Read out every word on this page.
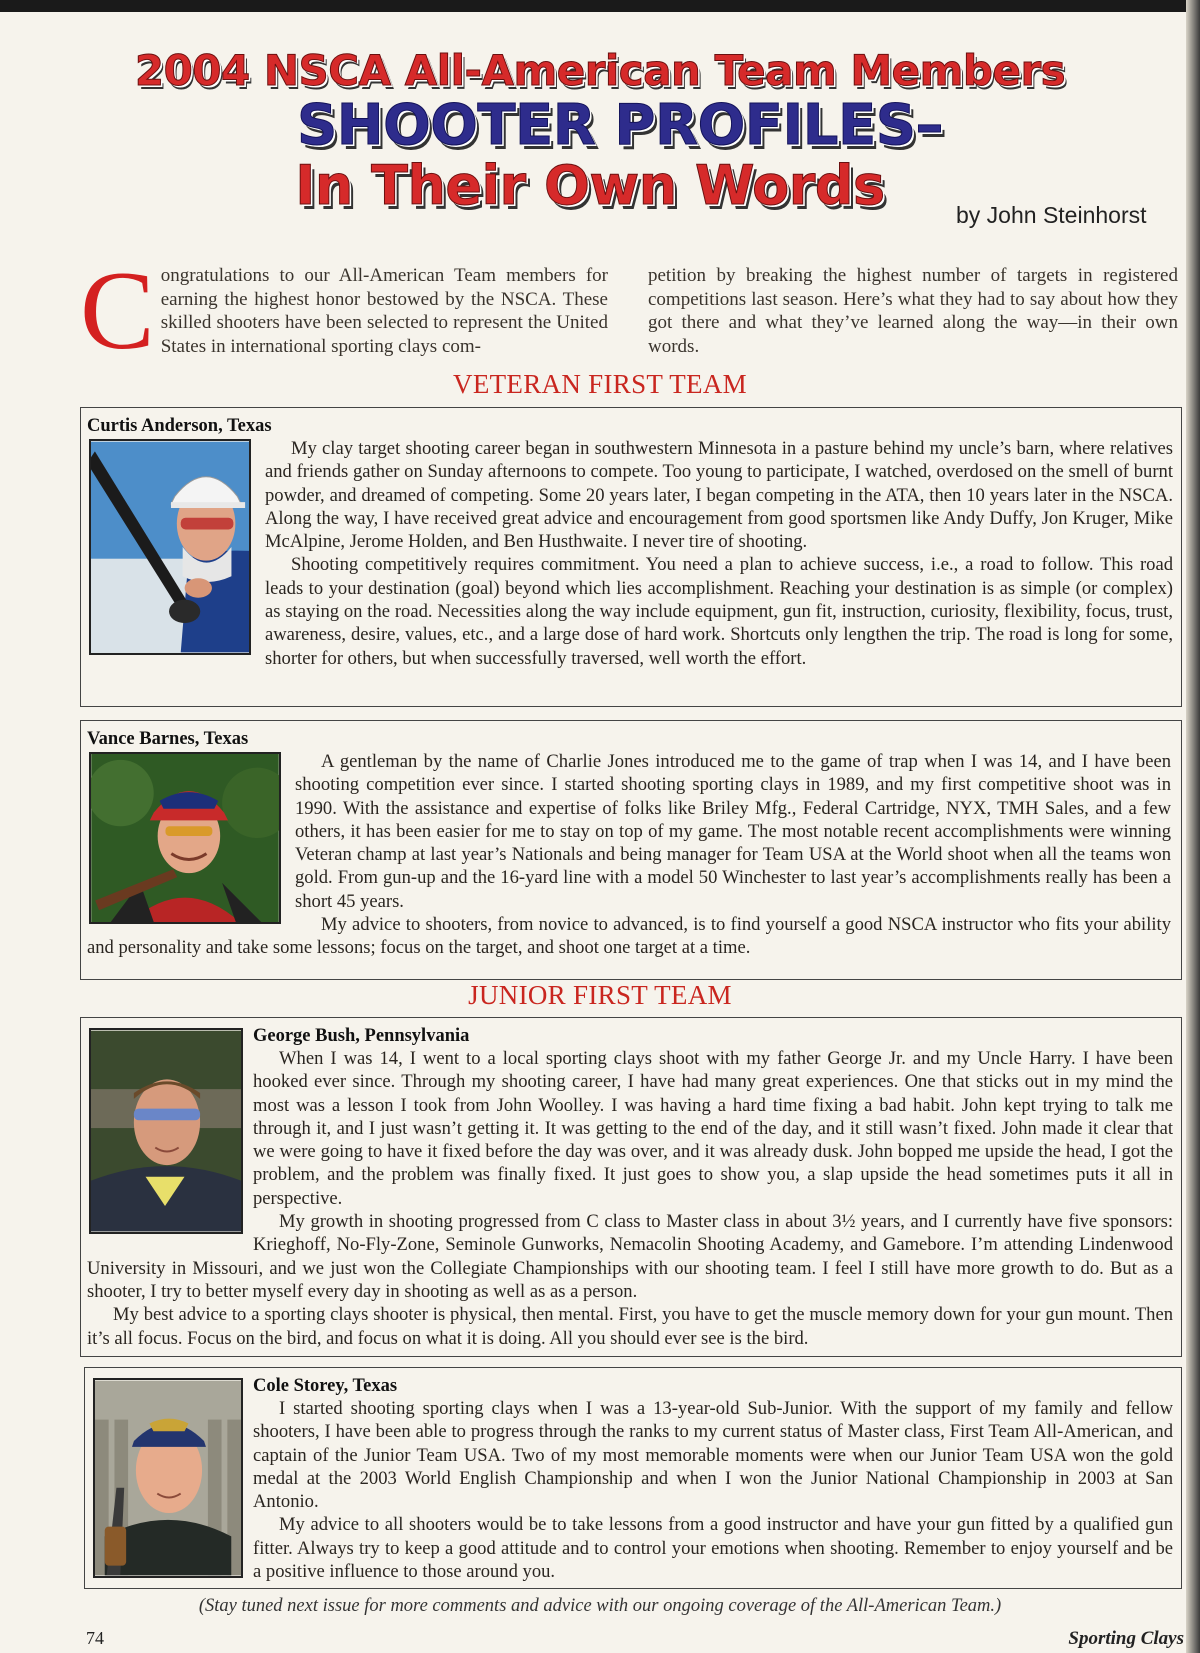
2004 NSCA All-American Team Members
SHOOTER PROFILES–
In Their Own Words	by John Steinhorst
Congratulations to our All-American Team members for earning the highest honor bestowed by the NSCA. These skilled shooters have been selected to represent the United States in international sporting clays com-
petition by breaking the highest number of targets in registered competitions last season. Here’s what they had to say about how they got there and what they’ve learned along the way—in their own words.
VETERAN FIRST TEAM
Curtis Anderson, Texas

My clay target shooting career began in southwestern Minnesota in a pasture behind my uncle’s barn, where relatives and friends gather on Sunday afternoons to compete. Too young to participate, I watched, overdosed on the smell of burnt powder, and dreamed of competing. Some 20 years later, I began competing in the ATA, then 10 years later in the NSCA. Along the way, I have received great advice and encouragement from good sportsmen like Andy Duffy, Jon Kruger, Mike McAlpine, Jerome Holden, and Ben Husthwaite. I never tire of shooting.

Shooting competitively requires commitment. You need a plan to achieve success, i.e., a road to follow. This road leads to your destination (goal) beyond which lies accomplishment. Reaching your destination is as simple (or complex) as staying on the road. Necessities along the way include equipment, gun fit, instruction, curiosity, flexibility, focus, trust, awareness, desire, values, etc., and a large dose of hard work. Shortcuts only lengthen the trip. The road is long for some, shorter for others, but when successfully traversed, well worth the effort.

Vance Barnes, Texas

A gentleman by the name of Charlie Jones introduced me to the game of trap when I was 14, and I have been shooting competition ever since. I started shooting sporting clays in 1989, and my first competitive shoot was in 1990. With the assistance and expertise of folks like Briley Mfg., Federal Cartridge, NYX, TMH Sales, and a few others, it has been easier for me to stay on top of my game. The most notable recent accomplishments were winning Veteran champ at last year’s Nationals and being manager for Team USA at the World shoot when all the teams won gold. From gun-up and the 16-yard line with a model 50 Winchester to last year’s accomplishments really has been a short 45 years.

My advice to shooters, from novice to advanced, is to find yourself a good NSCA instructor who fits your ability and personality and take some lessons; focus on the target, and shoot one target at a time.

JUNIOR FIRST TEAM
George Bush, Pennsylvania

When I was 14, I went to a local sporting clays shoot with my father George Jr. and my Uncle Harry. I have been hooked ever since. Through my shooting career, I have had many great experiences. One that sticks out in my mind the most was a lesson I took from John Woolley. I was having a hard time fixing a bad habit. John kept trying to talk me through it, and I just wasn’t getting it. It was getting to the end of the day, and it still wasn’t fixed. John made it clear that we were going to have it fixed before the day was over, and it was already dusk. John bopped me upside the head, I got the problem, and the problem was finally fixed. It just goes to show you, a slap upside the head sometimes puts it all in perspective.

My growth in shooting progressed from C class to Master class in about 3½ years, and I currently have five sponsors: Krieghoff, No-Fly-Zone, Seminole Gunworks, Nemacolin Shooting Academy, and Gamebore. I’m attending Lindenwood University in Missouri, and we just won the Collegiate Championships with our shooting team. I feel I still have more growth to do. But as a shooter, I try to better myself every day in shooting as well as as a person.

My best advice to a sporting clays shooter is physical, then mental. First, you have to get the muscle memory down for your gun mount. Then it’s all focus. Focus on the bird, and focus on what it is doing. All you should ever see is the bird.

Cole Storey, Texas

I started shooting sporting clays when I was a 13-year-old Sub-Junior. With the support of my family and fellow shooters, I have been able to progress through the ranks to my current status of Master class, First Team All-American, and captain of the Junior Team USA. Two of my most memorable moments were when our Junior Team USA won the gold medal at the 2003 World English Championship and when I won the Junior National Championship in 2003 at San Antonio.

My advice to all shooters would be to take lessons from a good instructor and have your gun fitted by a qualified gun fitter. Always try to keep a good attitude and to control your emotions when shooting. Remember to enjoy yourself and be a positive influence to those around you.

(Stay tuned next issue for more comments and advice with our ongoing coverage of the All-American Team.)
74	Sporting Clays
